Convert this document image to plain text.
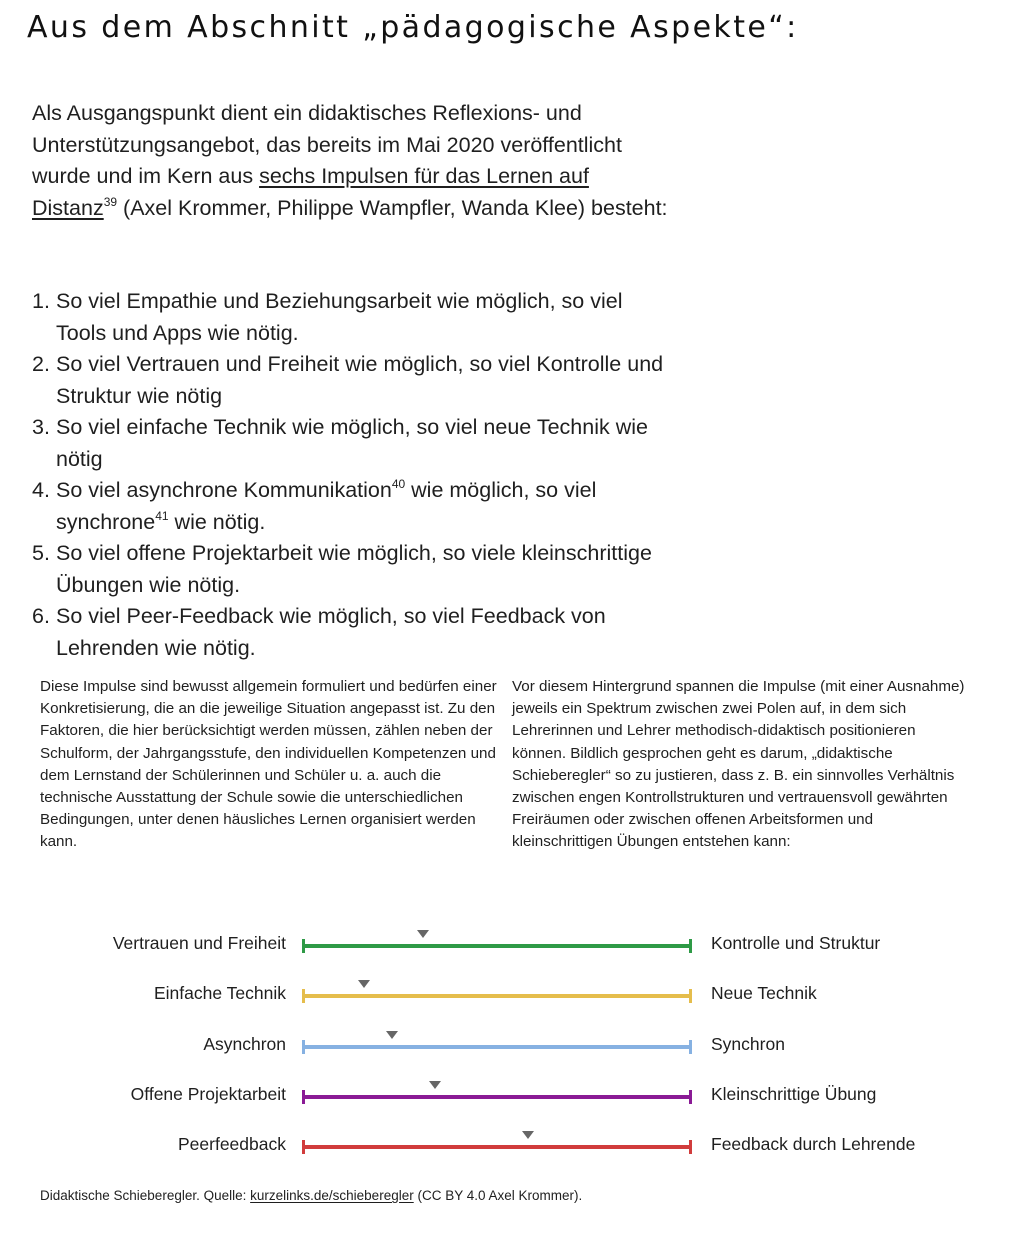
Aus dem Abschnitt „pädagogische Aspekte“:

Als Ausgangspunkt dient ein didaktisches Reflexions- und Unterstützungsangebot, das bereits im Mai 2020 veröffentlicht wurde und im Kern aus sechs Impulsen für das Lernen auf Distanz$^{39}$ (Axel Krommer, Philippe Wampfler, Wanda Klee) besteht:

1. So viel Empathie und Beziehungsarbeit wie möglich, so viel Tools und Apps wie nötig.
2. So viel Vertrauen und Freiheit wie möglich, so viel Kontrolle und Struktur wie nötig
3. So viel einfache Technik wie möglich, so viel neue Technik wie nötig
4. So viel asynchrone Kommunikation$^{40}$ wie möglich, so viel synchrone$^{41}$ wie nötig.
5. So viel offene Projektarbeit wie möglich, so viele kleinschrittige Übungen wie nötig.
6. So viel Peer-Feedback wie möglich, so viel Feedback von Lehrenden wie nötig.

Diese Impulse sind bewusst allgemein formuliert und bedürfen einer Konkretisierung, die an die jeweilige Situation angepasst ist. Zu den Faktoren, die hier berücksichtigt werden müssen, zählen neben der Schulform, der Jahrgangsstufe, den individuellen Kompetenzen und dem Lernstand der Schülerinnen und Schüler u. a. auch die technische Ausstattung der Schule sowie die unterschiedlichen Bedingungen, unter denen häusliches Lernen organisiert werden kann.

Vor diesem Hintergrund spannen die Impulse (mit einer Ausnahme) jeweils ein Spektrum zwischen zwei Polen auf, in dem sich Lehrerinnen und Lehrer methodisch-didaktisch positionieren können. Bildlich gesprochen geht es darum, „didaktische Schieberegler“ so zu justieren, dass z. B. ein sinnvolles Verhältnis zwischen engen Kontrollstrukturen und vertrauensvoll gewährten Freiräumen oder zwischen offenen Arbeitsformen und kleinschrittigen Übungen entstehen kann:

Vertrauen und Freiheit	Kontrolle und Struktur
Einfache Technik	Neue Technik
Asynchron	Synchron
Offene Projektarbeit	Kleinschrittige Übung
Peerfeedback	Feedback durch Lehrende

Didaktische Schieberegler. Quelle: kurzelinks.de/schieberegler (CC BY 4.0 Axel Krommer).
